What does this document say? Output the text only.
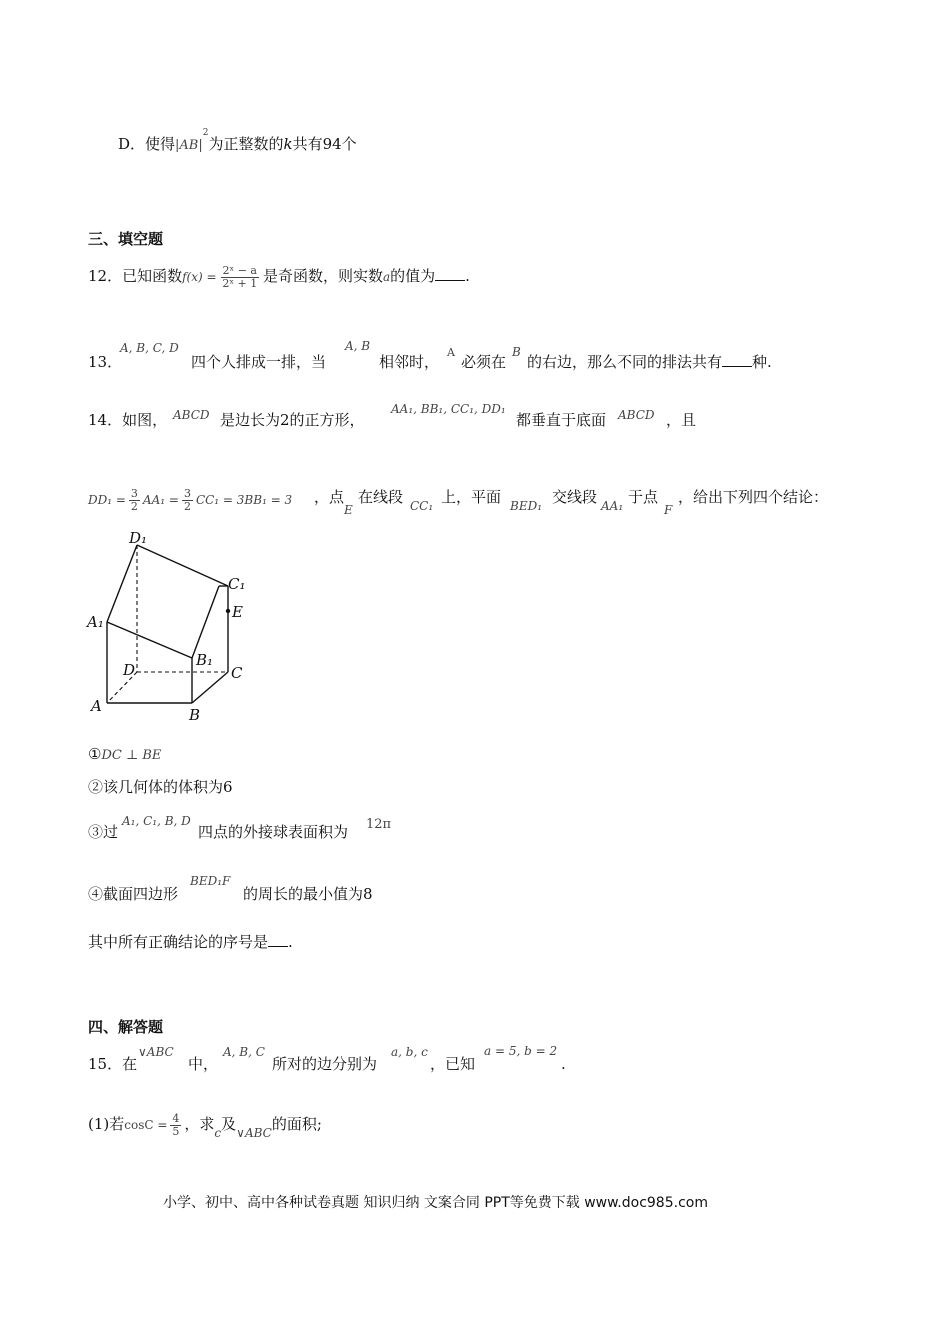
D．使得$|AB|^2$为正整数的k共有94个
三、填空题
12．已知函数$f(x) = \frac{\text{2ˣ − a}}{\text{2ˣ + 1}}$ 是奇函数，则实数a的值为 .
A, B, C, D	A, B	A	B
13．	四个人排成一排，当	相邻时， 必须在 的右边，那么不同的排法共有 种.
14．如图， ABCD 是边长为2的正方形，
AA₁, BB₁, CC₁, DD₁
都垂直于底面 ABCD ，且
$DD_1 = \frac{3}{2} AA_1 = \frac{3}{2} CC_1 = 3BB_1 = 3$ ，点
E
在线段 CC₁ 上，平面 BED₁ 交线段 AA₁ 于点
F
，给出下列四个结论：
D₁
C₁
A₁
B₁
E
D	C
A	B
①DC ⊥ BE
②该几何体的体积为6
③过
A₁, C₁, B, D
四点的外接球表面积为 12π
④截面四边形
BED₁F
的周长的最小值为8
其中所有正确结论的序号是 .
四、解答题
15．在
∨ABC
中，
A, B, C
所对的边分别为
a, b, c
，已知
a = 5, b = 2
.
(1)若$\cos C = \frac{4}{5}$ ，求$_c$及$_{\vee ABC}$的面积;
小学、初中、高中各种试卷真题 知识归纳 文案合同 PPT等免费下载 www.doc985.com
